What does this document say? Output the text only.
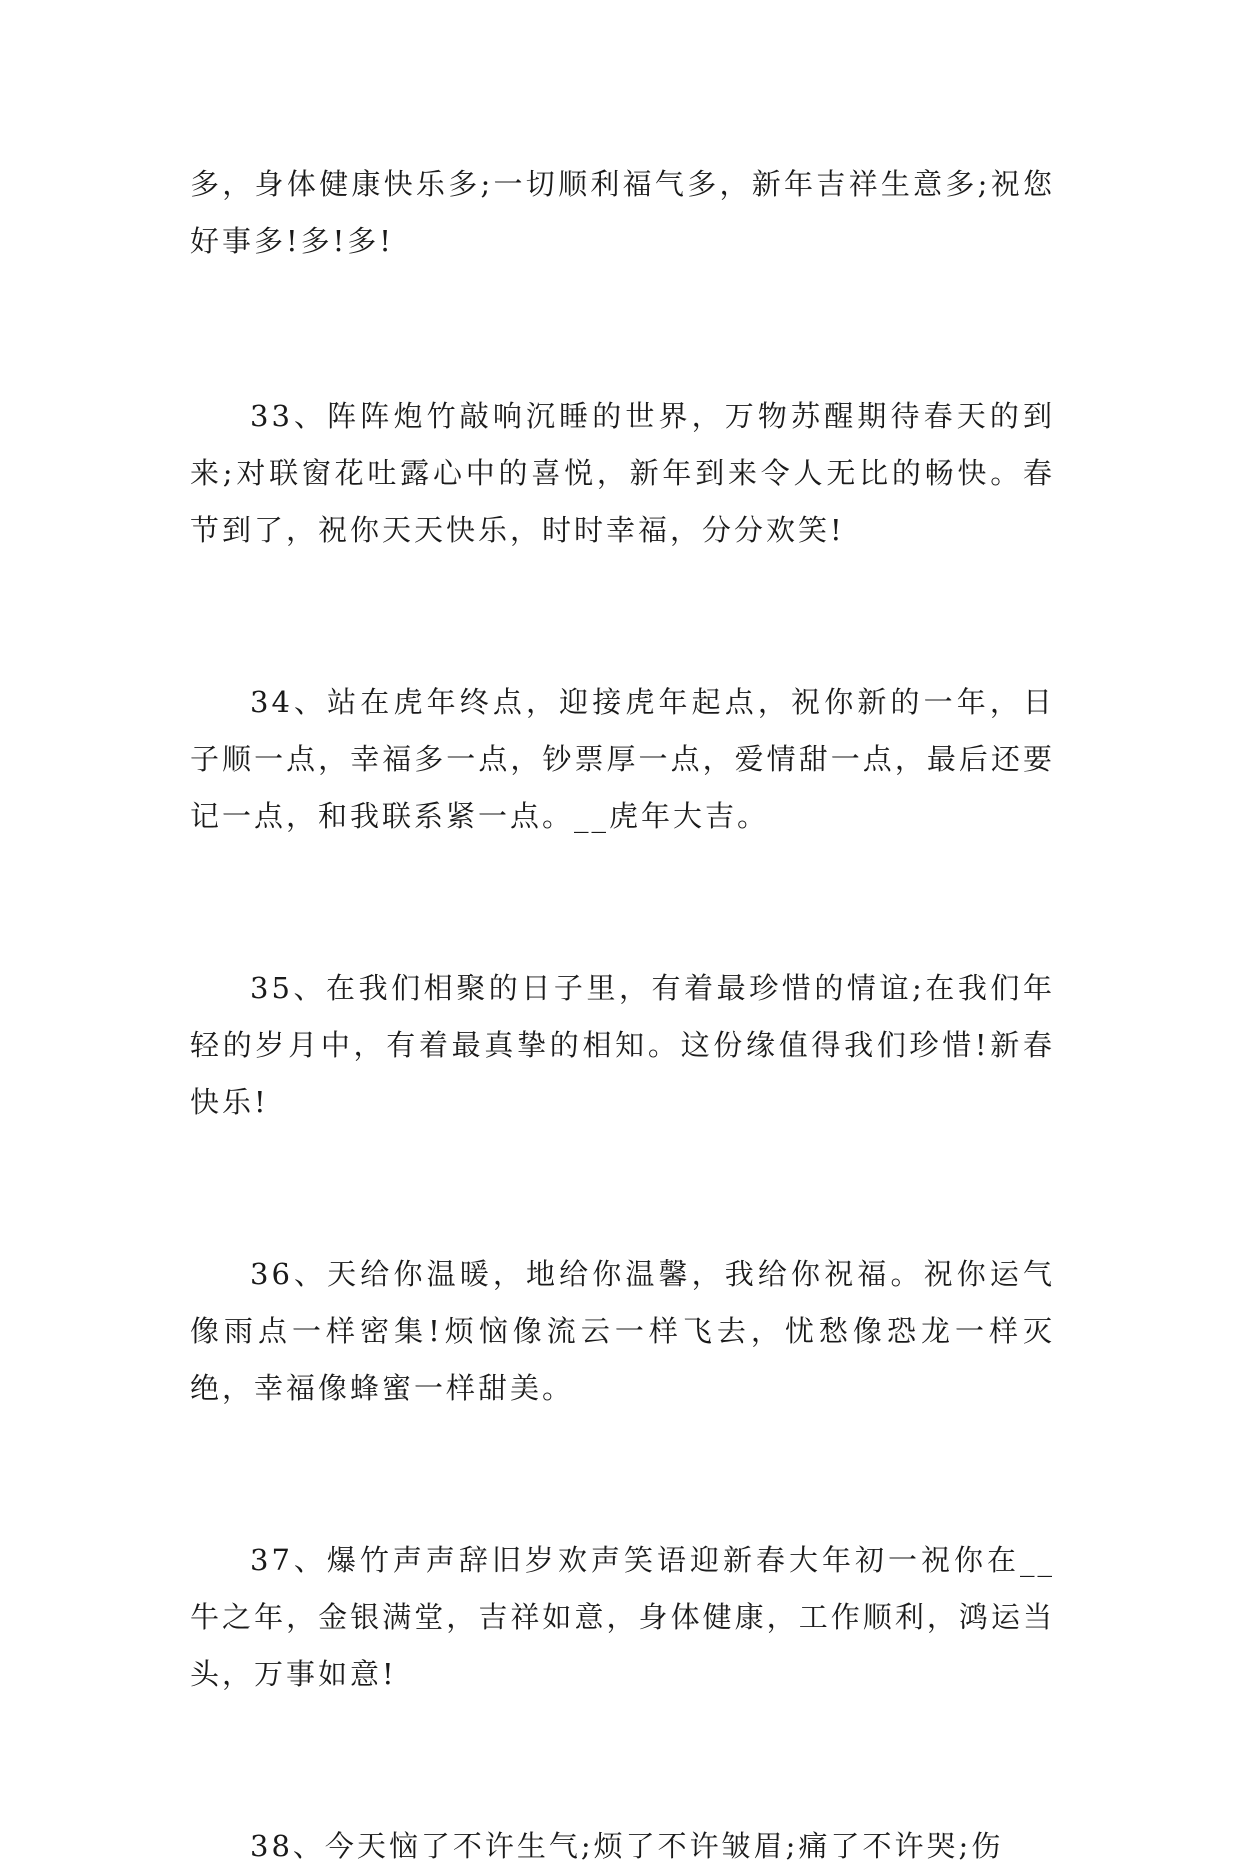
多，身体健康快乐多;一切顺利福气多，新年吉祥生意多;祝您好事多!多!多!

33、阵阵炮竹敲响沉睡的世界，万物苏醒期待春天的到来;对联窗花吐露心中的喜悦，新年到来令人无比的畅快。春节到了，祝你天天快乐，时时幸福，分分欢笑!

34、站在虎年终点，迎接虎年起点，祝你新的一年，日子顺一点，幸福多一点，钞票厚一点，爱情甜一点，最后还要记一点，和我联系紧一点。__虎年大吉。

35、在我们相聚的日子里，有着最珍惜的情谊;在我们年轻的岁月中，有着最真挚的相知。这份缘值得我们珍惜!新春快乐!

36、天给你温暖，地给你温馨，我给你祝福。祝你运气像雨点一样密集!烦恼像流云一样飞去，忧愁像恐龙一样灭绝，幸福像蜂蜜一样甜美。

37、爆竹声声辞旧岁欢声笑语迎新春大年初一祝你在__牛之年，金银满堂，吉祥如意，身体健康，工作顺利，鸿运当头，万事如意!

38、今天恼了不许生气;烦了不许皱眉;痛了不许哭;伤
